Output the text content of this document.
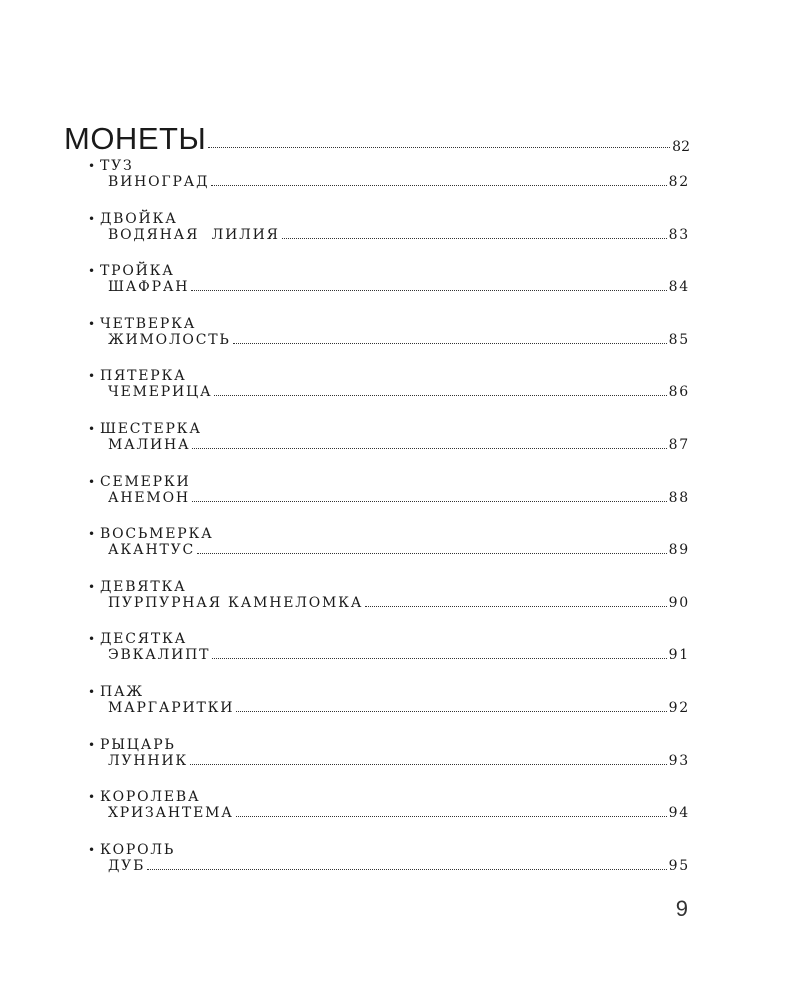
МОНЕТЫ	82
• ТУЗ
ВИНОГРАД	82
• ДВОЙКА
ВОДЯНАЯ  ЛИЛИЯ	83
• ТРОЙКА
ШАФРАН	84
• ЧЕТВЕРКА
ЖИМОЛОСТЬ	85
• ПЯТЕРКА
ЧЕМЕРИЦА	86
• ШЕСТЕРКА
МАЛИНА	87
• СЕМЕРКИ
АНЕМОН	88
• ВОСЬМЕРКА
АКАНТУС	89
• ДЕВЯТКА
ПУРПУРНАЯ КАМНЕЛОМКА	90
• ДЕСЯТКА
ЭВКАЛИПТ	91
• ПАЖ
МАРГАРИТКИ	92
• РЫЦАРЬ
ЛУННИК	93
• КОРОЛЕВА
ХРИЗАНТЕМА	94
• КОРОЛЬ
ДУБ	95
9
